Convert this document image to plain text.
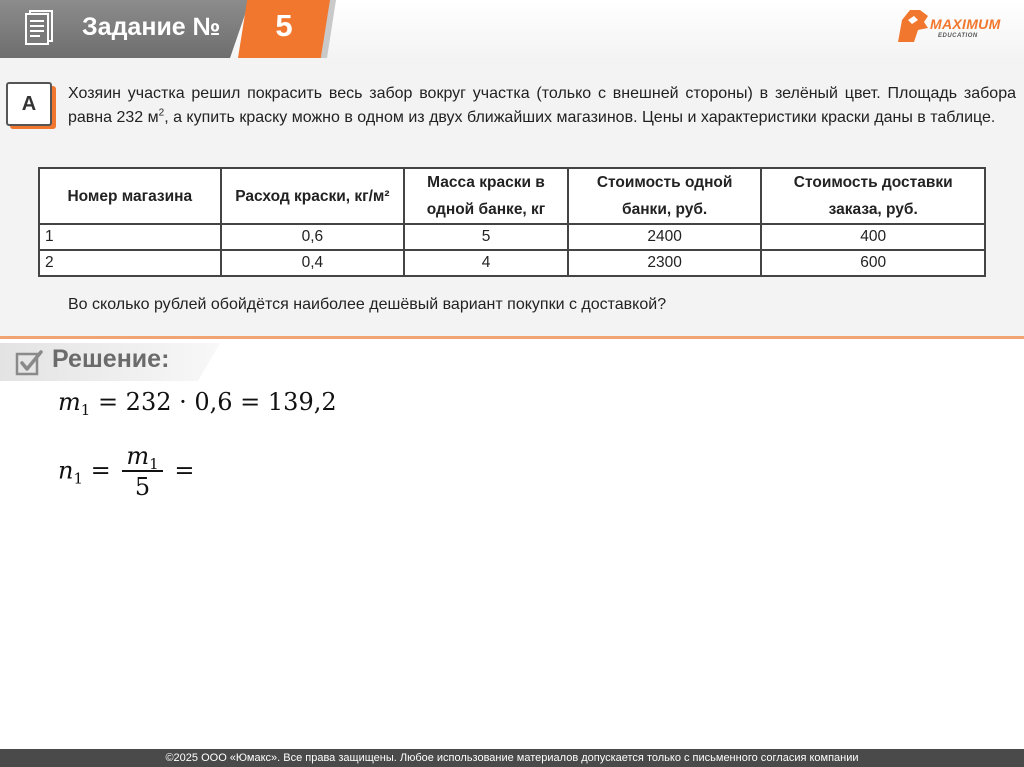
Задание №	5	MAXIMUM
EDUCATION
А	Хозяин участка решил покрасить весь забор вокруг участка (только с внешней стороны) в зелёный цвет. Площадь забора равна 232 $м^2$, а купить краску можно в одном из двух ближайших магазинов. Цены и характеристики краски даны в таблице.
Номер магазина	Расход краски, кг/м²	Масса краски в одной банке, кг	Стоимость одной банки, руб.	Стоимость доставки заказа, руб.
1	0,6	5	2400	400
2	0,4	4	2300	600
Во сколько рублей обойдётся наиболее дешёвый вариант покупки с доставкой?
Решение:
$m_1 = 232 \cdot 0,6 = 139,2$
$n_1 = \frac{m_1}{5}$ =
©2025 ООО «Юмакс». Все права защищены. Любое использование материалов допускается только с письменного согласия компании
